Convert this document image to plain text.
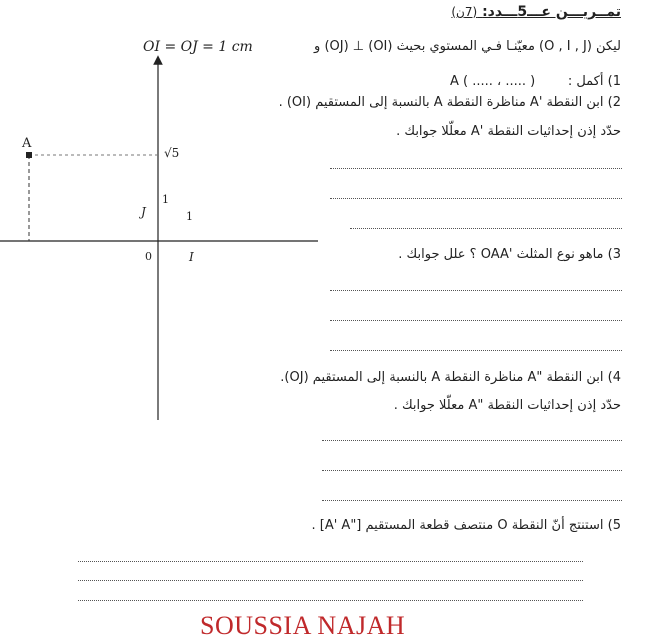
تمــريـــن عـــ5ـــدد: (7ن)
ليكن (O , I , J) معيّنـا فـي المستوي بحيث (OI) ⊥ (OJ) و
OI = OJ = 1 cm
1) أكمل :
A ( ..... ، ..... )
2) ابن النقطة 'A مناظرة النقطة A بالنسبة إلى المستقيم (OI) .
حدّد إذن إحداثيات النقطة 'A معلّلا جوابك .
3) ماهو نوع المثلث 'OAA ؟ علل جوابك .
4) ابن النقطة "A مناظرة النقطة A بالنسبة إلى المستقيم (OJ).
حدّد إذن إحداثيات النقطة "A معلّلا جوابك .
5) استنتج أنّ النقطة O منتصف قطعة المستقيم ["A' A] .
A
√5
1
J	1
0	I
SOUSSIA NAJAH
